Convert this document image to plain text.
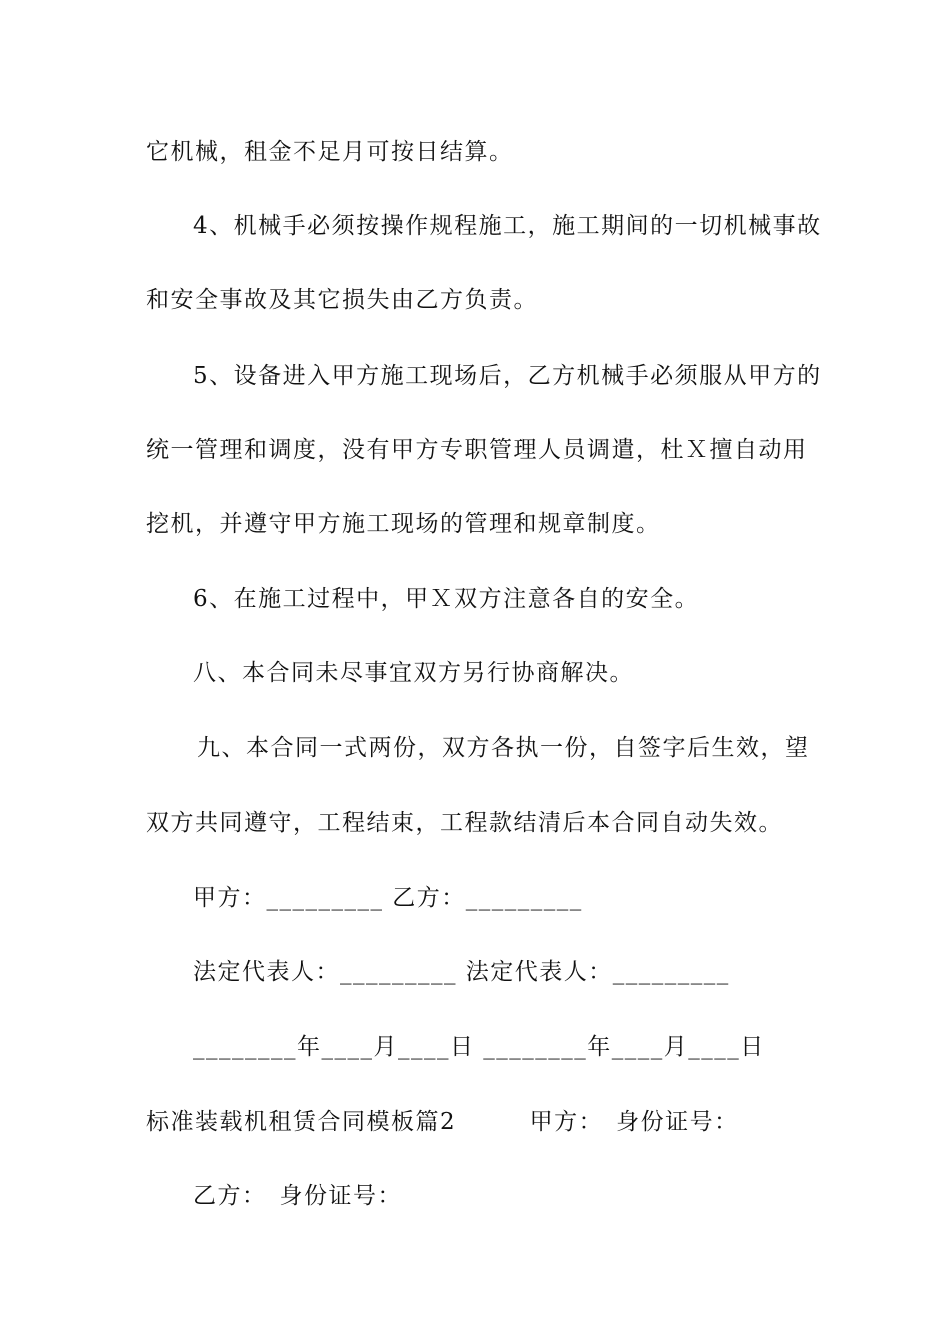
它机械，租金不足月可按日结算。
4、机械手必须按操作规程施工，施工期间的一切机械事故
和安全事故及其它损失由乙方负责。
5、设备进入甲方施工现场后，乙方机械手必须服从甲方的
统一管理和调度，没有甲方专职管理人员调遣，杜Ｘ擅自动用
挖机，并遵守甲方施工现场的管理和规章制度。
6、在施工过程中，甲Ｘ双方注意各自的安全。
八、本合同未尽事宜双方另行协商解决。
九、本合同一式两份，双方各执一份，自签字后生效，望
双方共同遵守，工程结束，工程款结清后本合同自动失效。
甲方：_________ 乙方：_________
法定代表人：_________ 法定代表人：_________
________年____月____日 ________年____月____日
标准装载机租赁合同模板篇2　　　甲方：　身份证号：
乙方：　身份证号：
